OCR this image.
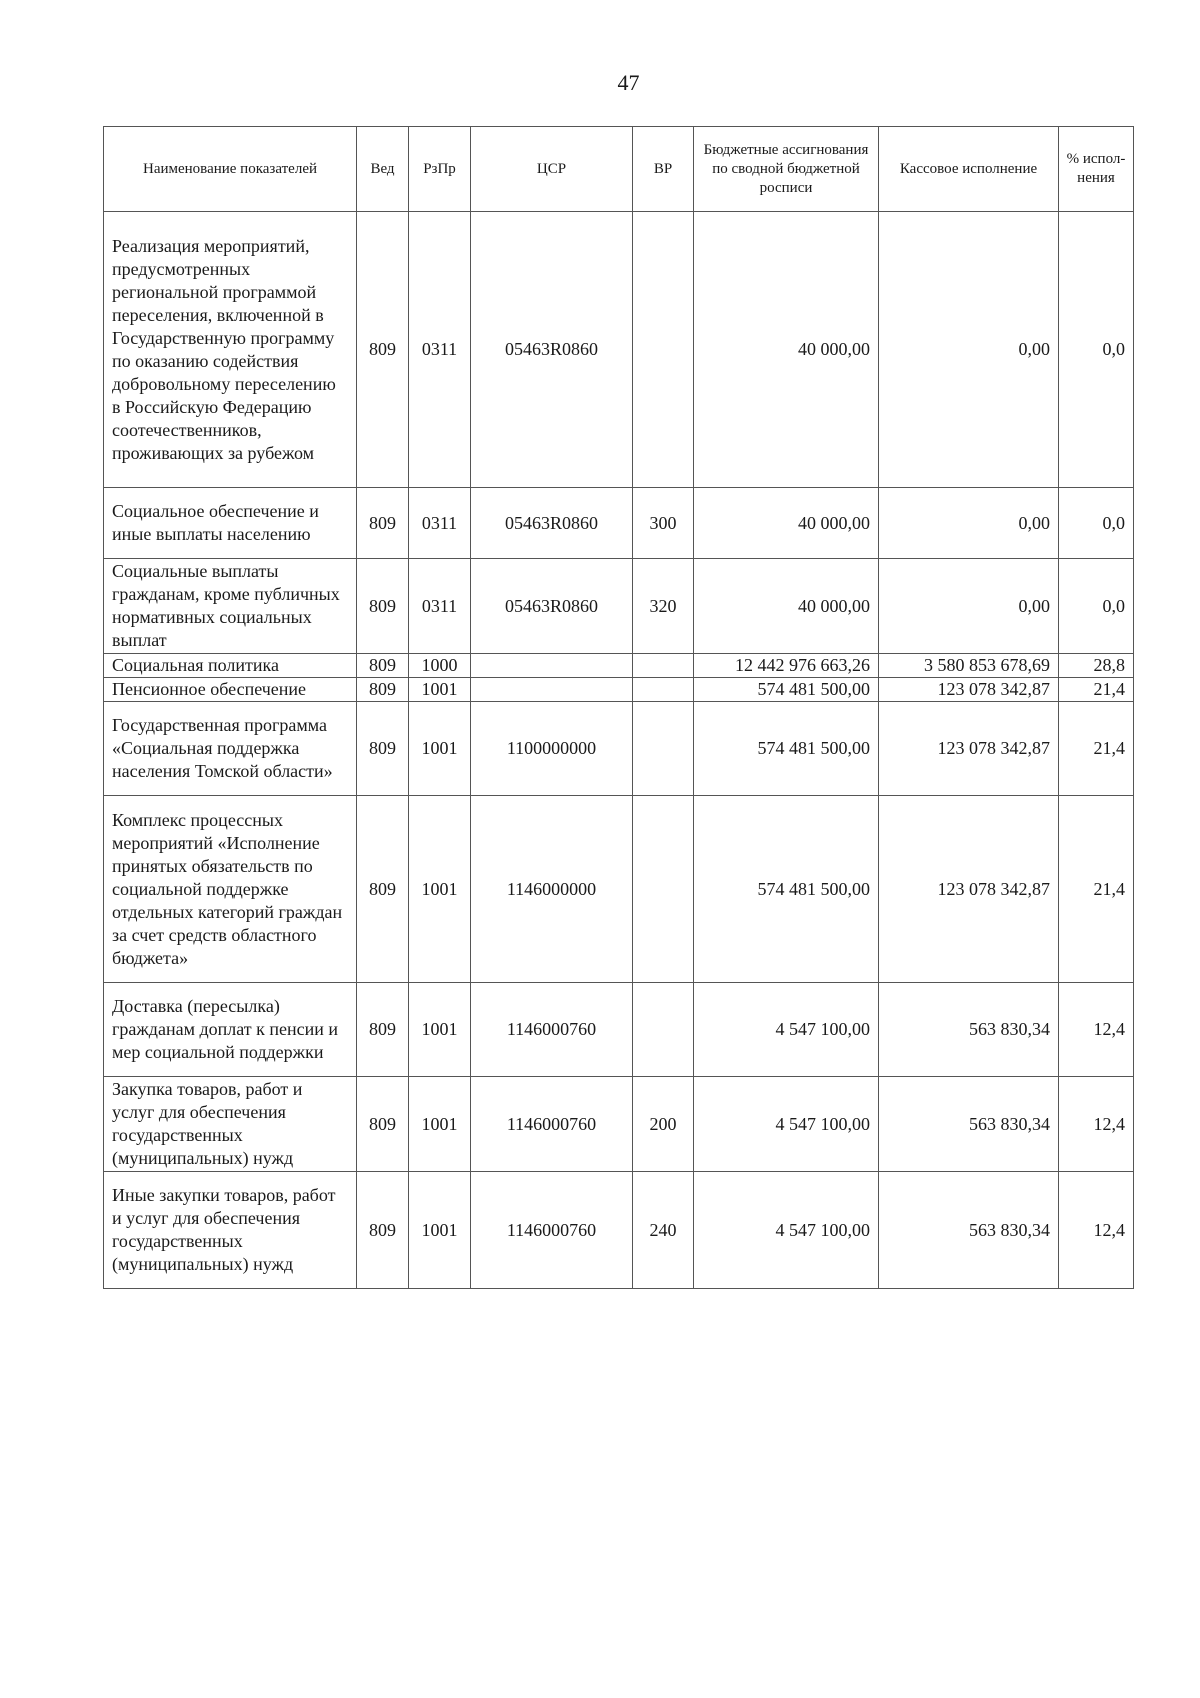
47
Наименование показателей	Вед	РзПр	ЦСР	ВР	Бюджетные ассигнования по сводной бюджетной росписи	Кассовое исполнение	% испол-нения
Реализация мероприятий, предусмотренных региональной программой переселения, включенной в Государственную программу по оказанию содействия добровольному переселению в Российскую Федерацию соотечественников, проживающих за рубежом	809	0311	05463R0860		40 000,00	0,00	0,0
Социальное обеспечение и иные выплаты населению	809	0311	05463R0860	300	40 000,00	0,00	0,0
Социальные выплаты гражданам, кроме публичных нормативных социальных выплат	809	0311	05463R0860	320	40 000,00	0,00	0,0
Социальная политика	809	1000			12 442 976 663,26	3 580 853 678,69	28,8
Пенсионное обеспечение	809	1001			574 481 500,00	123 078 342,87	21,4
Государственная программа «Социальная поддержка населения Томской области»	809	1001	1100000000		574 481 500,00	123 078 342,87	21,4
Комплекс процессных мероприятий «Исполнение принятых обязательств по социальной поддержке отдельных категорий граждан за счет средств областного бюджета»	809	1001	1146000000		574 481 500,00	123 078 342,87	21,4
Доставка (пересылка) гражданам доплат к пенсии и мер социальной поддержки	809	1001	1146000760		4 547 100,00	563 830,34	12,4
Закупка товаров, работ и услуг для обеспечения государственных (муниципальных) нужд	809	1001	1146000760	200	4 547 100,00	563 830,34	12,4
Иные закупки товаров, работ и услуг для обеспечения государственных (муниципальных) нужд	809	1001	1146000760	240	4 547 100,00	563 830,34	12,4
